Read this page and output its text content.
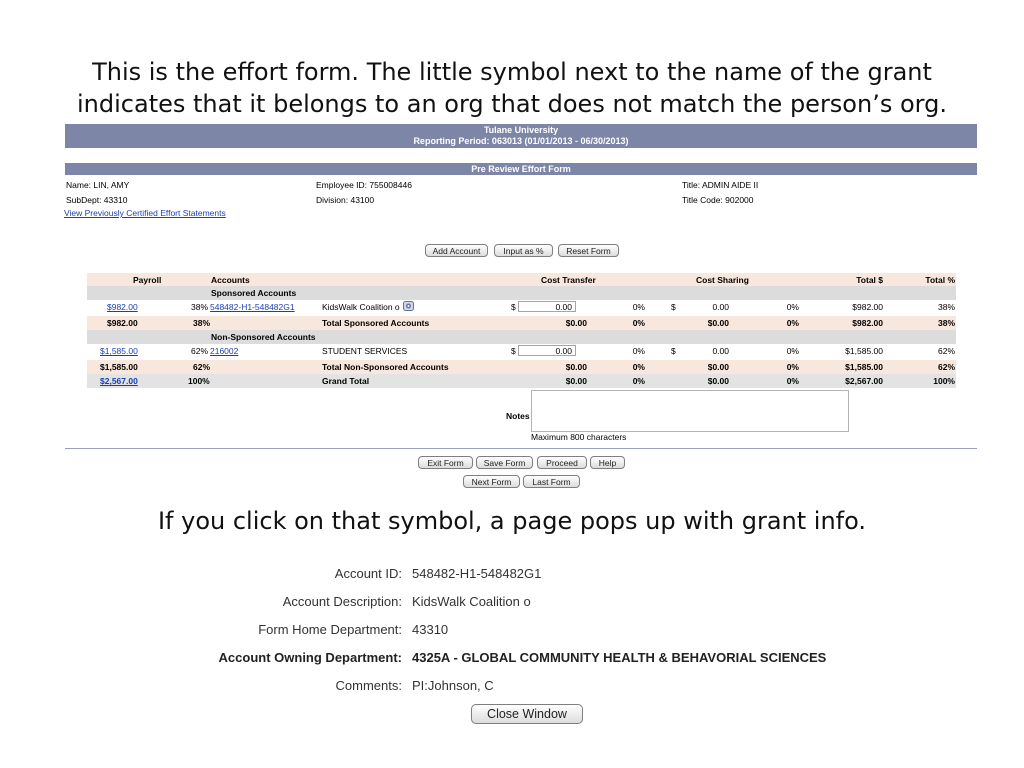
This is the effort form. The little symbol next to the name of the grant
indicates that it belongs to an org that does not match the person’s org.
Tulane University
Reporting Period: 063013 (01/01/2013 - 06/30/2013)
Pre Review Effort Form
Name: LIN, AMY
SubDept: 43310
Employee ID: 755008446
Division: 43100
Title: ADMIN AIDE II
Title Code: 902000
View Previously Certified Effort Statements
Add Account	Input as %	Reset Form
Payroll	Accounts	Cost Transfer	Cost Sharing	Total $	Total %
Sponsored Accounts
$982.00	38% 548482-H1-548482G1	KidsWalk Coalition o	$	0.00	0%	$	0.00	0%	$982.00	38%
$982.00	38%	Total Sponsored Accounts	$0.00	0%	$0.00	0%	$982.00	38%
Non-Sponsored Accounts
$1,585.00	62% 216002	STUDENT SERVICES	$	0.00	0%	$	0.00	0%	$1,585.00	62%
$1,585.00	62%	Total Non-Sponsored Accounts	$0.00	0%	$0.00	0%	$1,585.00	62%
$2,567.00	100%	Grand Total	$0.00	0%	$0.00	0%	$2,567.00	100%
Notes
Maximum 800 characters
Exit Form	Save Form	Proceed	Help
Next Form	Last Form
If you click on that symbol, a page pops up with grant info.
Account ID: 548482-H1-548482G1
Account Description: KidsWalk Coalition o
Form Home Department: 43310
Account Owning Department: 4325A - GLOBAL COMMUNITY HEALTH & BEHAVORIAL SCIENCES
Comments: PI:Johnson, C
Close Window
